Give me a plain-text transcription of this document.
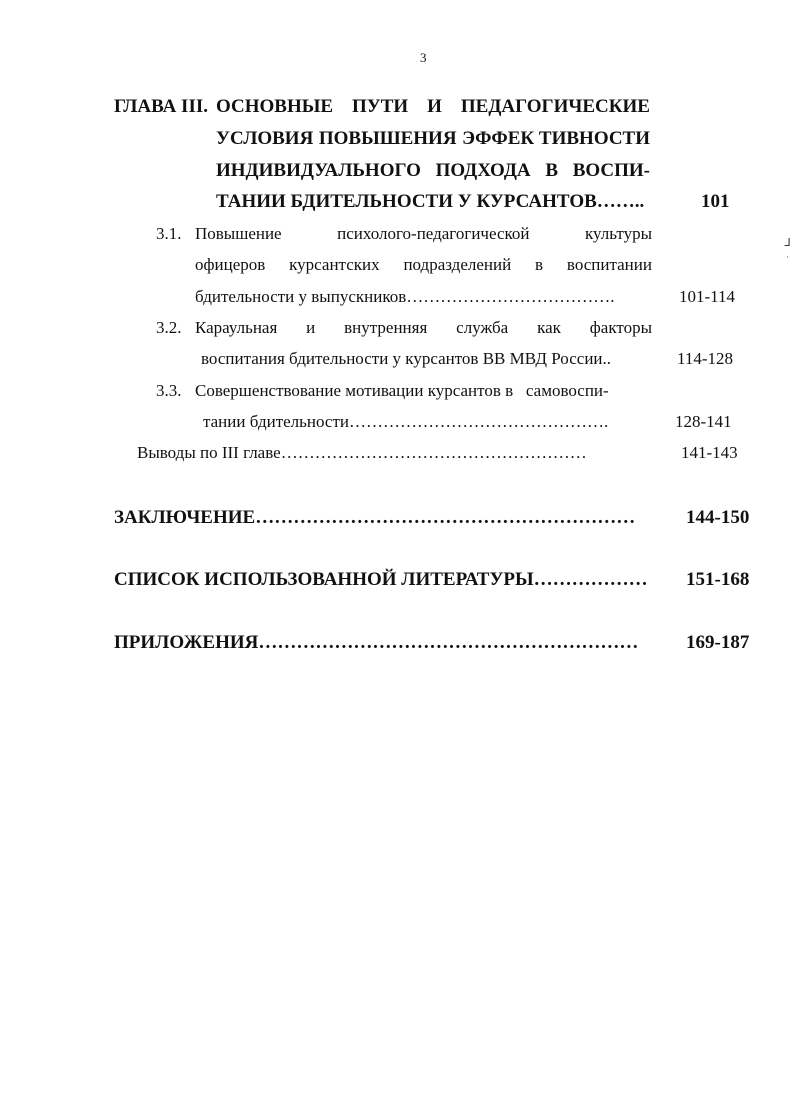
3
ГЛАВА III. ОСНОВНЫЕ ПУТИ И ПЕДАГОГИЧЕСКИЕ
УСЛОВИЯ ПОВЫШЕНИЯ ЭФФЕК ТИВНОСТИ
ИНДИВИДУАЛЬНОГО ПОДХОДА В ВОСПИ-
ТАНИИ БДИТЕЛЬНОСТИ У КУРСАНТОВ……..	101
3.1. Повышение	психолого-педагогической	культуры
офицеров курсантских подразделений в воспитании
бдительности у выпускников……………………………….	101-114
3.2. Караульная и внутренняя служба как факторы
воспитания бдительности у курсантов ВВ МВД России..	114-128
3.3. Совершенствование мотивации курсантов в   самовоспи-
тании бдительности……………………………………….	128-141
Выводы по III главе………………………………………………	141-143
ЗАКЛЮЧЕНИЕ……………………………………………………	144-150
СПИСОК ИСПОЛЬЗОВАННОЙ ЛИТЕРАТУРЫ……………… 151-168
ПРИЛОЖЕНИЯ……………………………………………………	169-187
ᒧ
·
